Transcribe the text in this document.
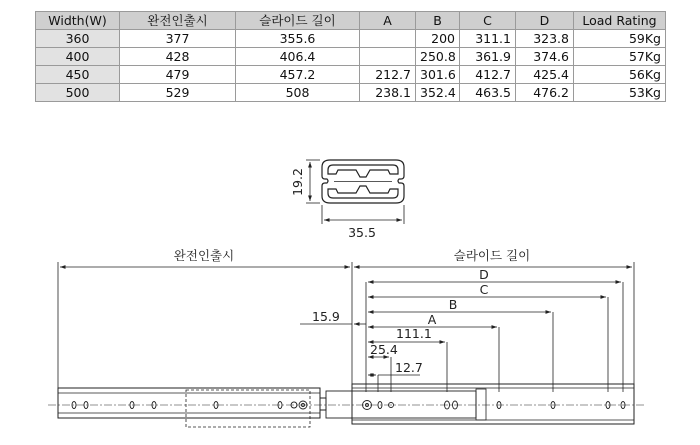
Width(W)	완전인출시	슬라이드 길이	A	B	C	D	Load Rating
360	377	355.6		200	311.1	323.8	59Kg
400	428	406.4		250.8	361.9	374.6	57Kg
450	479	457.2	212.7	301.6	412.7	425.4	56Kg
500	529	508	238.1	352.4	463.5	476.2	53Kg
19.2
35.5
완전인출시	슬라이드 길이
D
C
B
A
15.9
111.1
25.4
12.7
